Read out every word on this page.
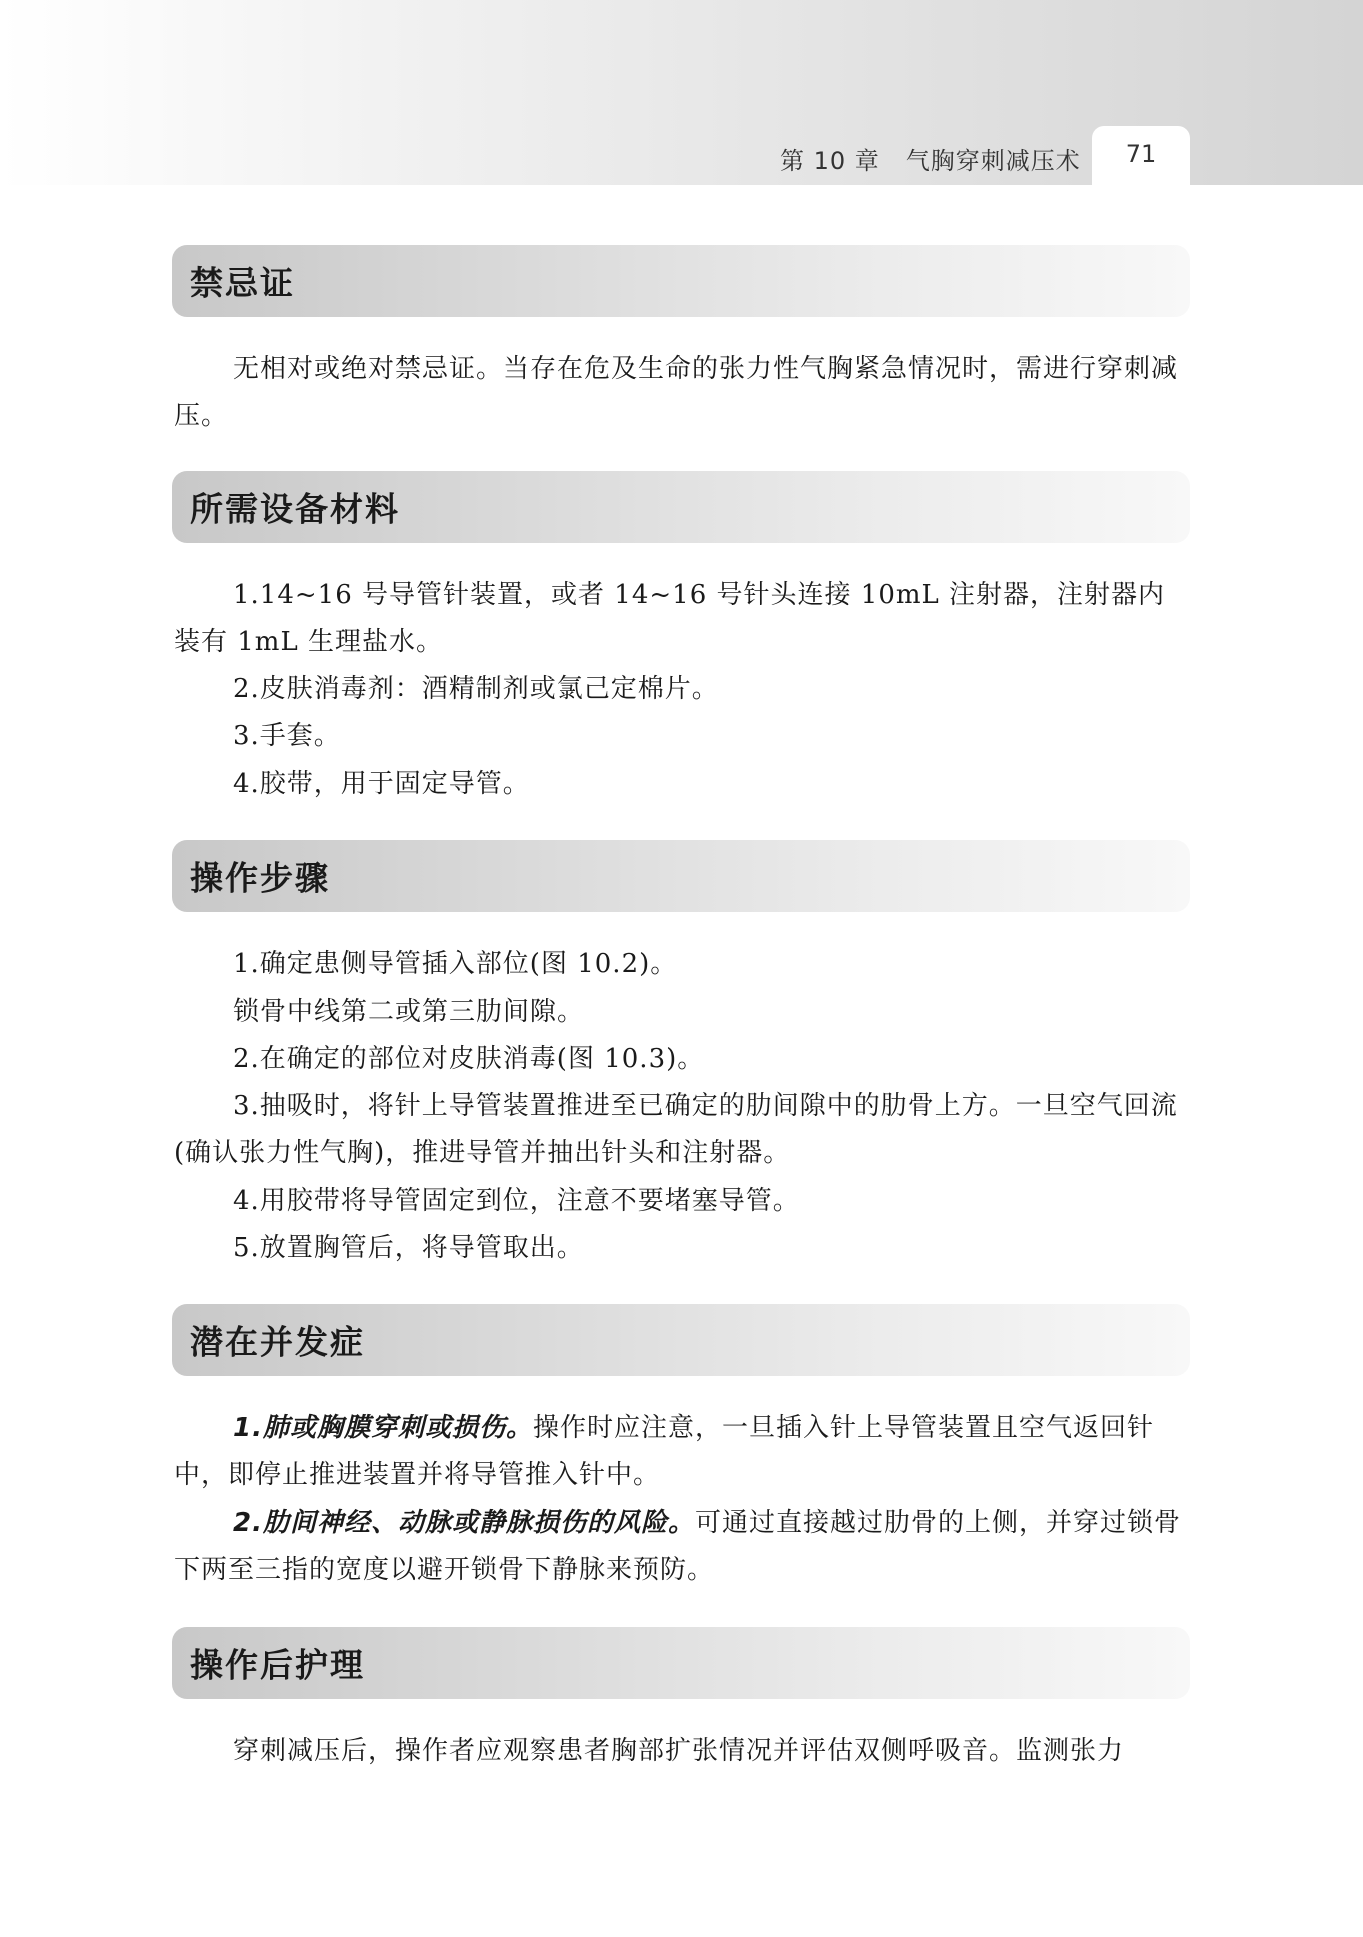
第 10 章 气胸穿刺减压术	71
禁忌证

无相对或绝对禁忌证。当存在危及生命的张力性气胸紧急情况时，需进行穿刺减压。

所需设备材料

1.14~16 号导管针装置，或者 14~16 号针头连接 10mL 注射器，注射器内装有 1mL 生理盐水。

2.皮肤消毒剂：酒精制剂或氯己定棉片。

3.手套。

4.胶带，用于固定导管。

操作步骤

1.确定患侧导管插入部位(图 10.2)。

锁骨中线第二或第三肋间隙。

2.在确定的部位对皮肤消毒(图 10.3)。

3.抽吸时，将针上导管装置推进至已确定的肋间隙中的肋骨上方。一旦空气回流(确认张力性气胸)，推进导管并抽出针头和注射器。

4.用胶带将导管固定到位，注意不要堵塞导管。

5.放置胸管后，将导管取出。

潜在并发症

1.肺或胸膜穿刺或损伤。操作时应注意，一旦插入针上导管装置且空气返回针中，即停止推进装置并将导管推入针中。

2.肋间神经、动脉或静脉损伤的风险。可通过直接越过肋骨的上侧，并穿过锁骨下两至三指的宽度以避开锁骨下静脉来预防。

操作后护理

穿刺减压后，操作者应观察患者胸部扩张情况并评估双侧呼吸音。监测张力
